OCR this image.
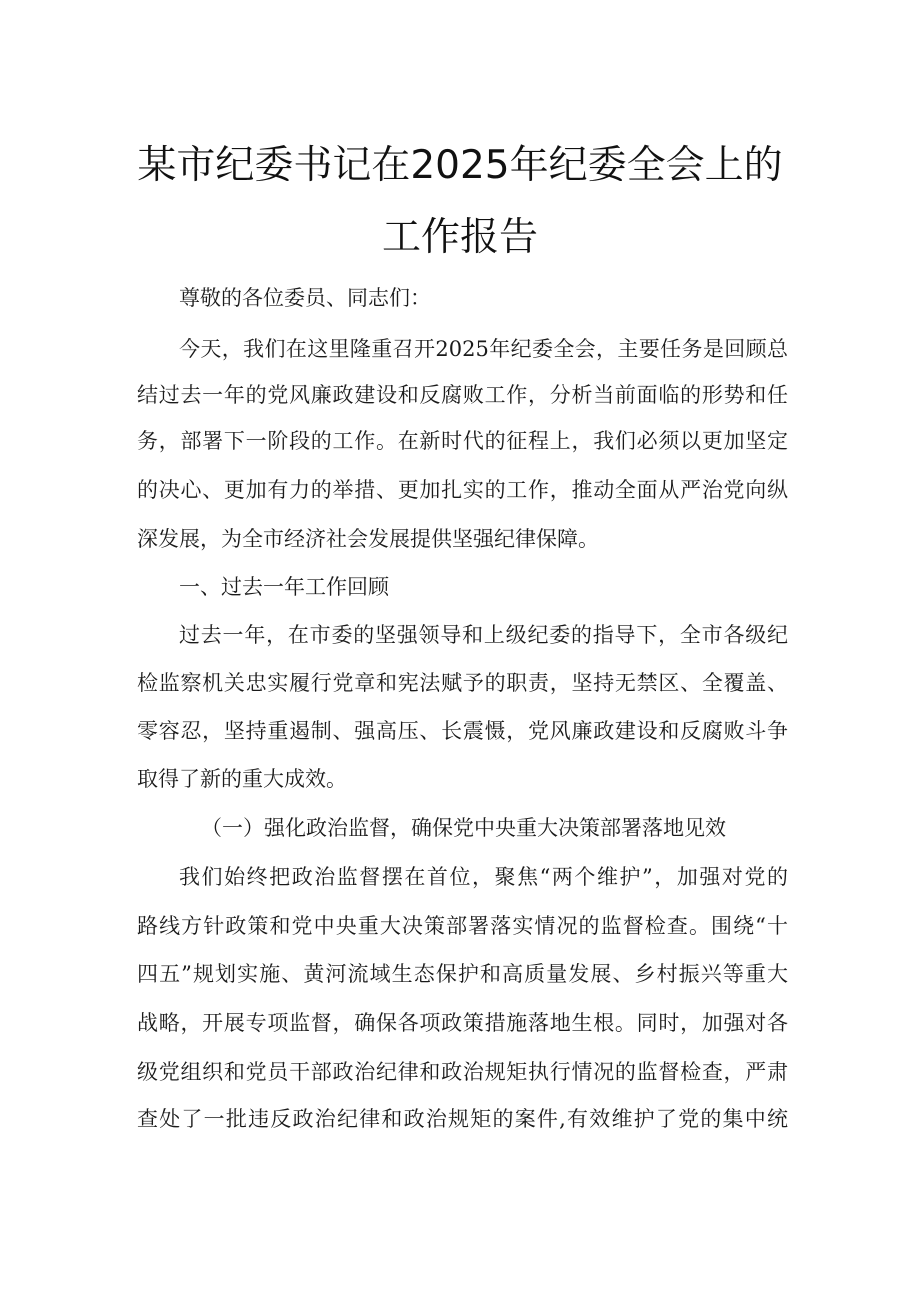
某市纪委书记在2025年纪委全会上的
工作报告
尊敬的各位委员、同志们：
今天，我们在这里隆重召开2025年纪委全会，主要任务是回顾总
结过去一年的党风廉政建设和反腐败工作，分析当前面临的形势和任
务，部署下一阶段的工作。在新时代的征程上，我们必须以更加坚定
的决心、更加有力的举措、更加扎实的工作，推动全面从严治党向纵
深发展，为全市经济社会发展提供坚强纪律保障。
一、过去一年工作回顾
过去一年，在市委的坚强领导和上级纪委的指导下，全市各级纪
检监察机关忠实履行党章和宪法赋予的职责，坚持无禁区、全覆盖、
零容忍，坚持重遏制、强高压、长震慑，党风廉政建设和反腐败斗争
取得了新的重大成效。
（一）强化政治监督，确保党中央重大决策部署落地见效
我们始终把政治监督摆在首位，聚焦“两个维护”，加强对党的
路线方针政策和党中央重大决策部署落实情况的监督检查。围绕“十
四五”规划实施、黄河流域生态保护和高质量发展、乡村振兴等重大
战略，开展专项监督，确保各项政策措施落地生根。同时，加强对各
级党组织和党员干部政治纪律和政治规矩执行情况的监督检查，严肃
查处了一批违反政治纪律和政治规矩的案件,有效维护了党的集中统
